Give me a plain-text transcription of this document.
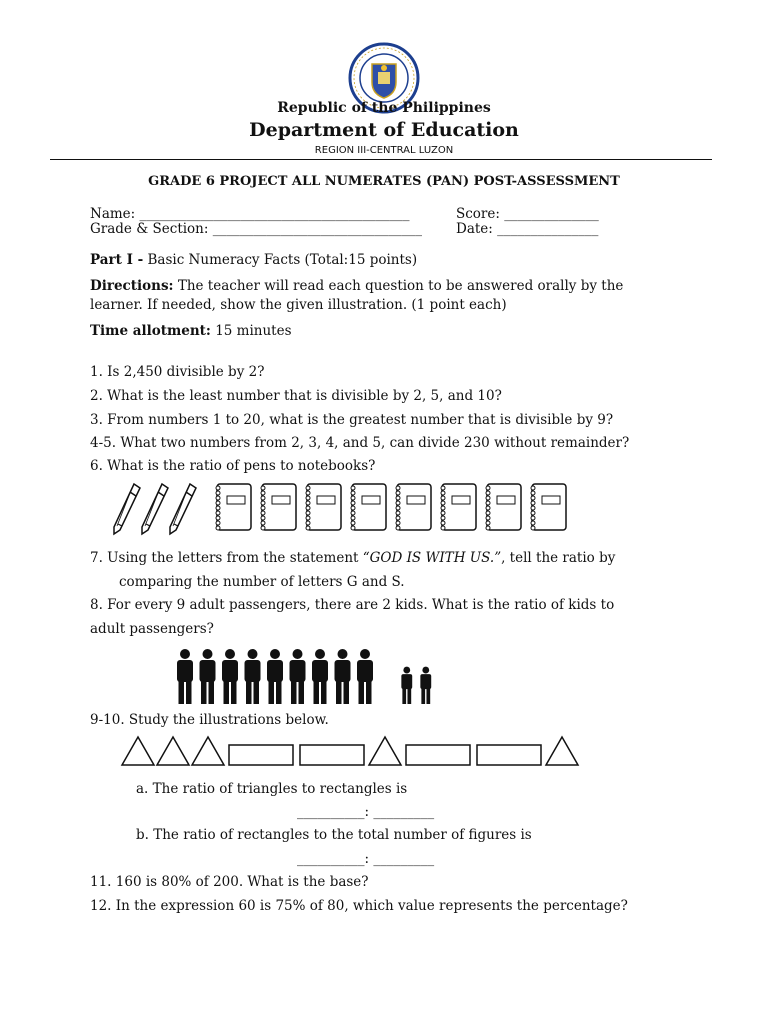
Republic of the Philippines
Department of Education
REGION III-CENTRAL LUZON
GRADE 6 PROJECT ALL NUMERATES (PAN) POST-ASSESSMENT
Name: ________________________________________	Score: ______________
Grade & Section: _______________________________	Date: _______________
Part I - Basic Numeracy Facts (Total:15 points)
Directions: The teacher will read each question to be answered orally by the
learner. If needed, show the given illustration. (1 point each)
Time allotment: 15 minutes
1. Is 2,450 divisible by 2?
2. What is the least number that is divisible by 2, 5, and 10?
3. From numbers 1 to 20, what is the greatest number that is divisible by 9?
4-5. What two numbers from 2, 3, 4, and 5, can divide 230 without remainder?
6. What is the ratio of pens to notebooks?
7. Using the letters from the statement “GOD IS WITH US.”, tell the ratio by
comparing the number of letters G and S.
8. For every 9 adult passengers, there are 2 kids. What is the ratio of kids to
adult passengers?
9-10. Study the illustrations below.
a. The ratio of triangles to rectangles is
__________: _________
b. The ratio of rectangles to the total number of figures is
__________: _________
11. 160 is 80% of 200. What is the base?
12. In the expression 60 is 75% of 80, which value represents the percentage?
